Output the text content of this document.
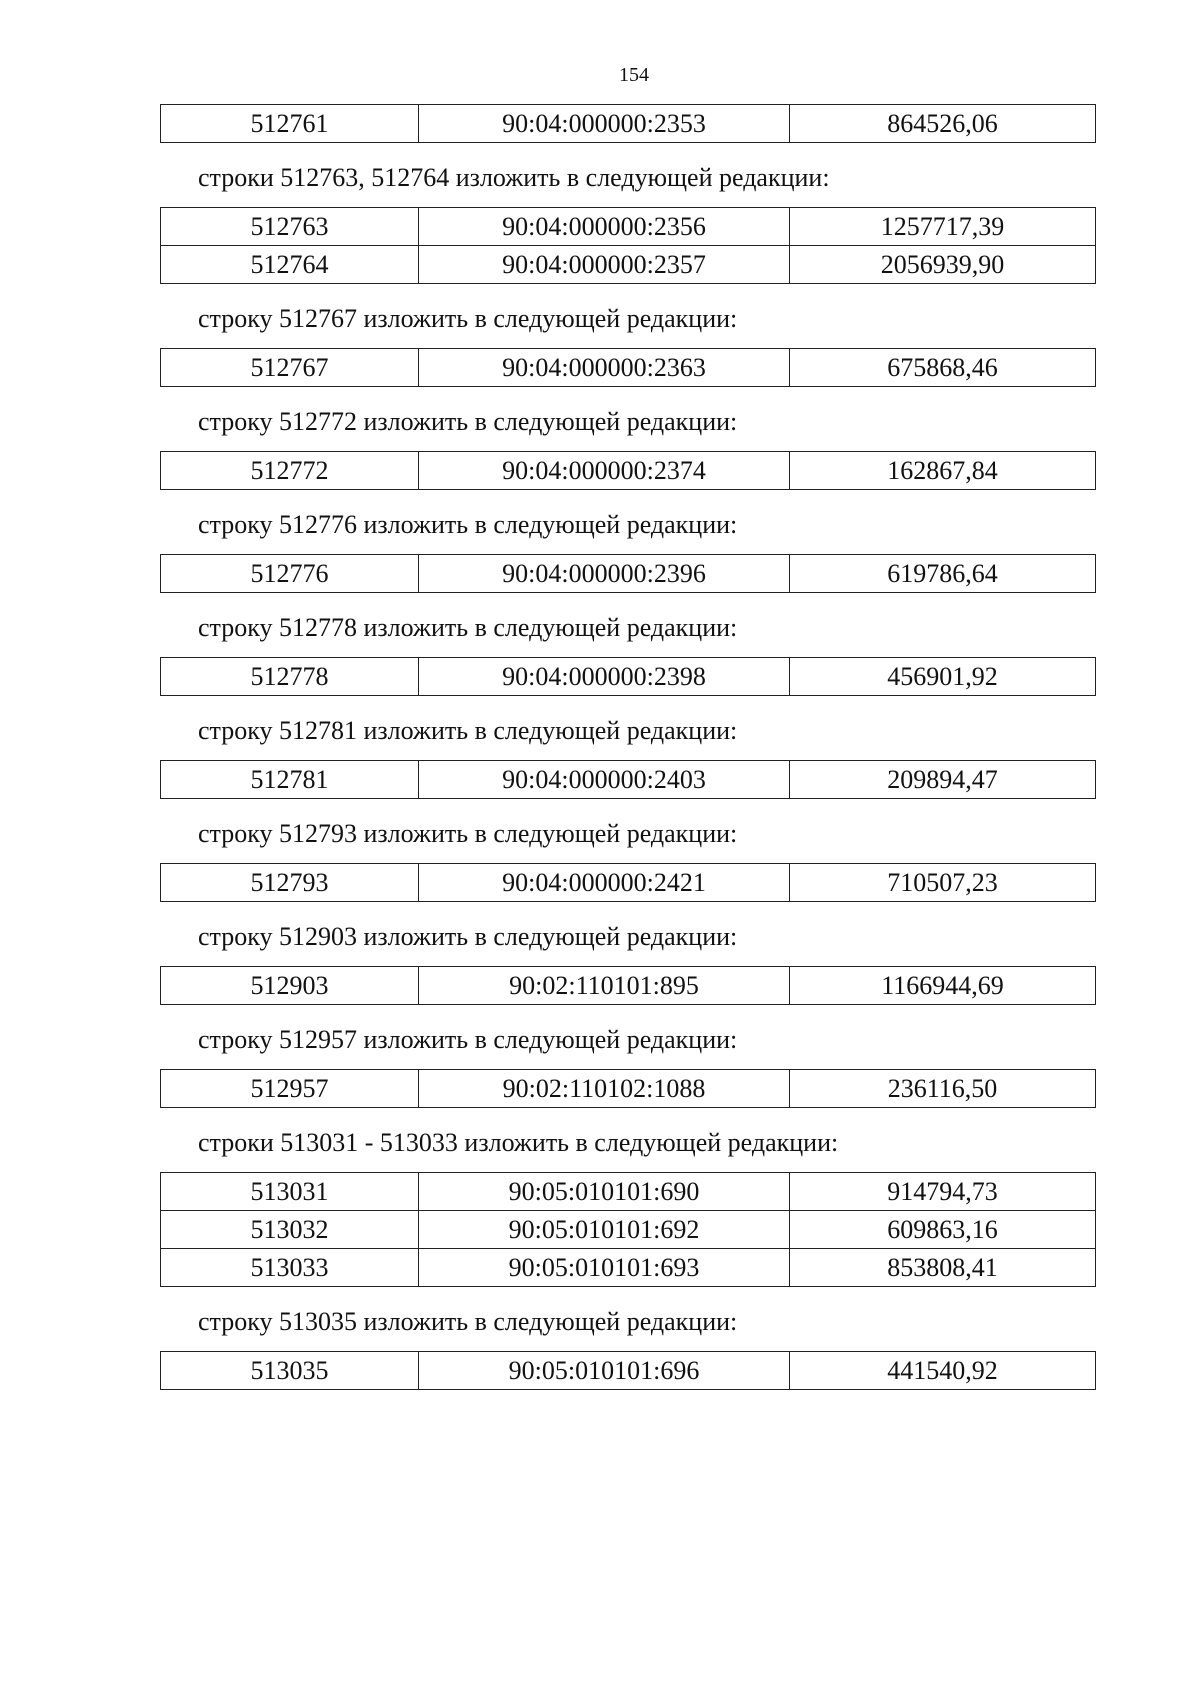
154
512761	90:04:000000:2353	864526,06
строки 512763, 512764 изложить в следующей редакции:
512763	90:04:000000:2356	1257717,39
512764	90:04:000000:2357	2056939,90
строку 512767 изложить в следующей редакции:
512767	90:04:000000:2363	675868,46
строку 512772 изложить в следующей редакции:
512772	90:04:000000:2374	162867,84
строку 512776 изложить в следующей редакции:
512776	90:04:000000:2396	619786,64
строку 512778 изложить в следующей редакции:
512778	90:04:000000:2398	456901,92
строку 512781 изложить в следующей редакции:
512781	90:04:000000:2403	209894,47
строку 512793 изложить в следующей редакции:
512793	90:04:000000:2421	710507,23
строку 512903 изложить в следующей редакции:
512903	90:02:110101:895	1166944,69
строку 512957 изложить в следующей редакции:
512957	90:02:110102:1088	236116,50
строки 513031 - 513033 изложить в следующей редакции:
513031	90:05:010101:690	914794,73
513032	90:05:010101:692	609863,16
513033	90:05:010101:693	853808,41
строку 513035 изложить в следующей редакции:
513035	90:05:010101:696	441540,92
